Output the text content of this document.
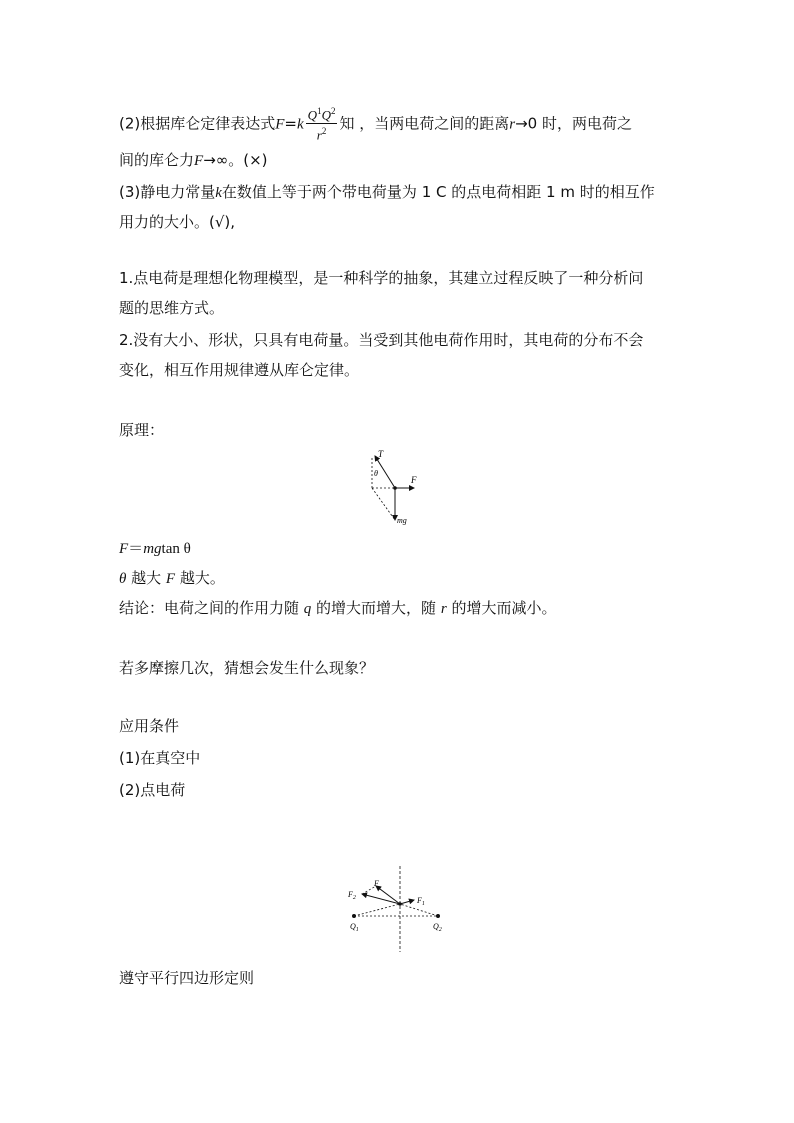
(2)根据库仑定律表达式$F=k \frac{Q^1Q^2}{r^2}$ 知 ，当两电荷之间的距离r→0 时，两电荷之
间的库仑力F→∞。(×)
(3)静电力常量k在数值上等于两个带电荷量为 1 C 的点电荷相距 1 m 时的相互作
用力的大小。(√),
1.点电荷是理想化物理模型，是一种科学的抽象，其建立过程反映了一种分析问
题的思维方式。
2.没有大小、形状，只具有电荷量。当受到其他电荷作用时，其电荷的分布不会
变化，相互作用规律遵从库仑定律。
原理：
T
θ
F
mg
F＝mgtan θ
θ 越大 F 越大。
结论：电荷之间的作用力随 q 的增大而增大，随 r 的增大而减小。
若多摩擦几次，猜想会发生什么现象？
应用条件
(1)在真空中
(2)点电荷
$F_2$
F
$F_1$
$Q_1$	$Q_2$
遵守平行四边形定则
